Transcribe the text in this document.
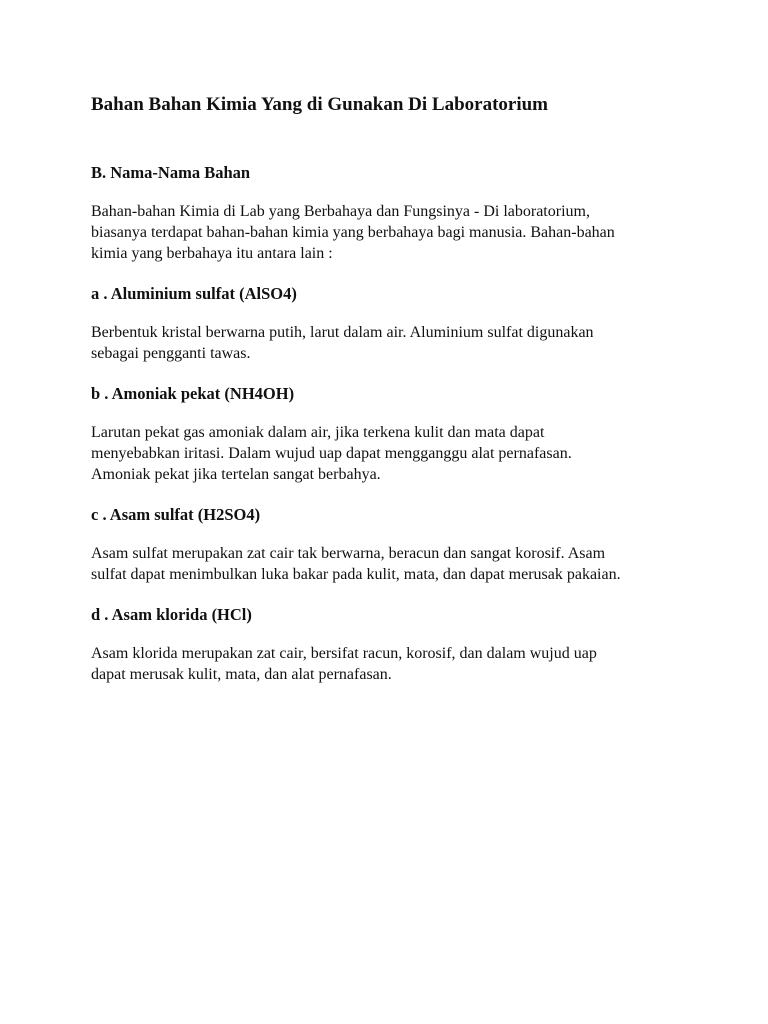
Bahan Bahan Kimia Yang di Gunakan Di Laboratorium
B. Nama-Nama Bahan

Bahan-bahan Kimia di Lab yang Berbahaya dan Fungsinya - Di laboratorium,
biasanya terdapat bahan-bahan kimia yang berbahaya bagi manusia. Bahan-bahan
kimia yang berbahaya itu antara lain :

a . Aluminium sulfat (AlSO4)

Berbentuk kristal berwarna putih, larut dalam air. Aluminium sulfat digunakan
sebagai pengganti tawas.

b . Amoniak pekat (NH4OH)

Larutan pekat gas amoniak dalam air, jika terkena kulit dan mata dapat
menyebabkan iritasi. Dalam wujud uap dapat mengganggu alat pernafasan.
Amoniak pekat jika tertelan sangat berbahya.

c . Asam sulfat (H2SO4)

Asam sulfat merupakan zat cair tak berwarna, beracun dan sangat korosif. Asam
sulfat dapat menimbulkan luka bakar pada kulit, mata, dan dapat merusak pakaian.

d . Asam klorida (HCl)

Asam klorida merupakan zat cair, bersifat racun, korosif, dan dalam wujud uap
dapat merusak kulit, mata, dan alat pernafasan.
